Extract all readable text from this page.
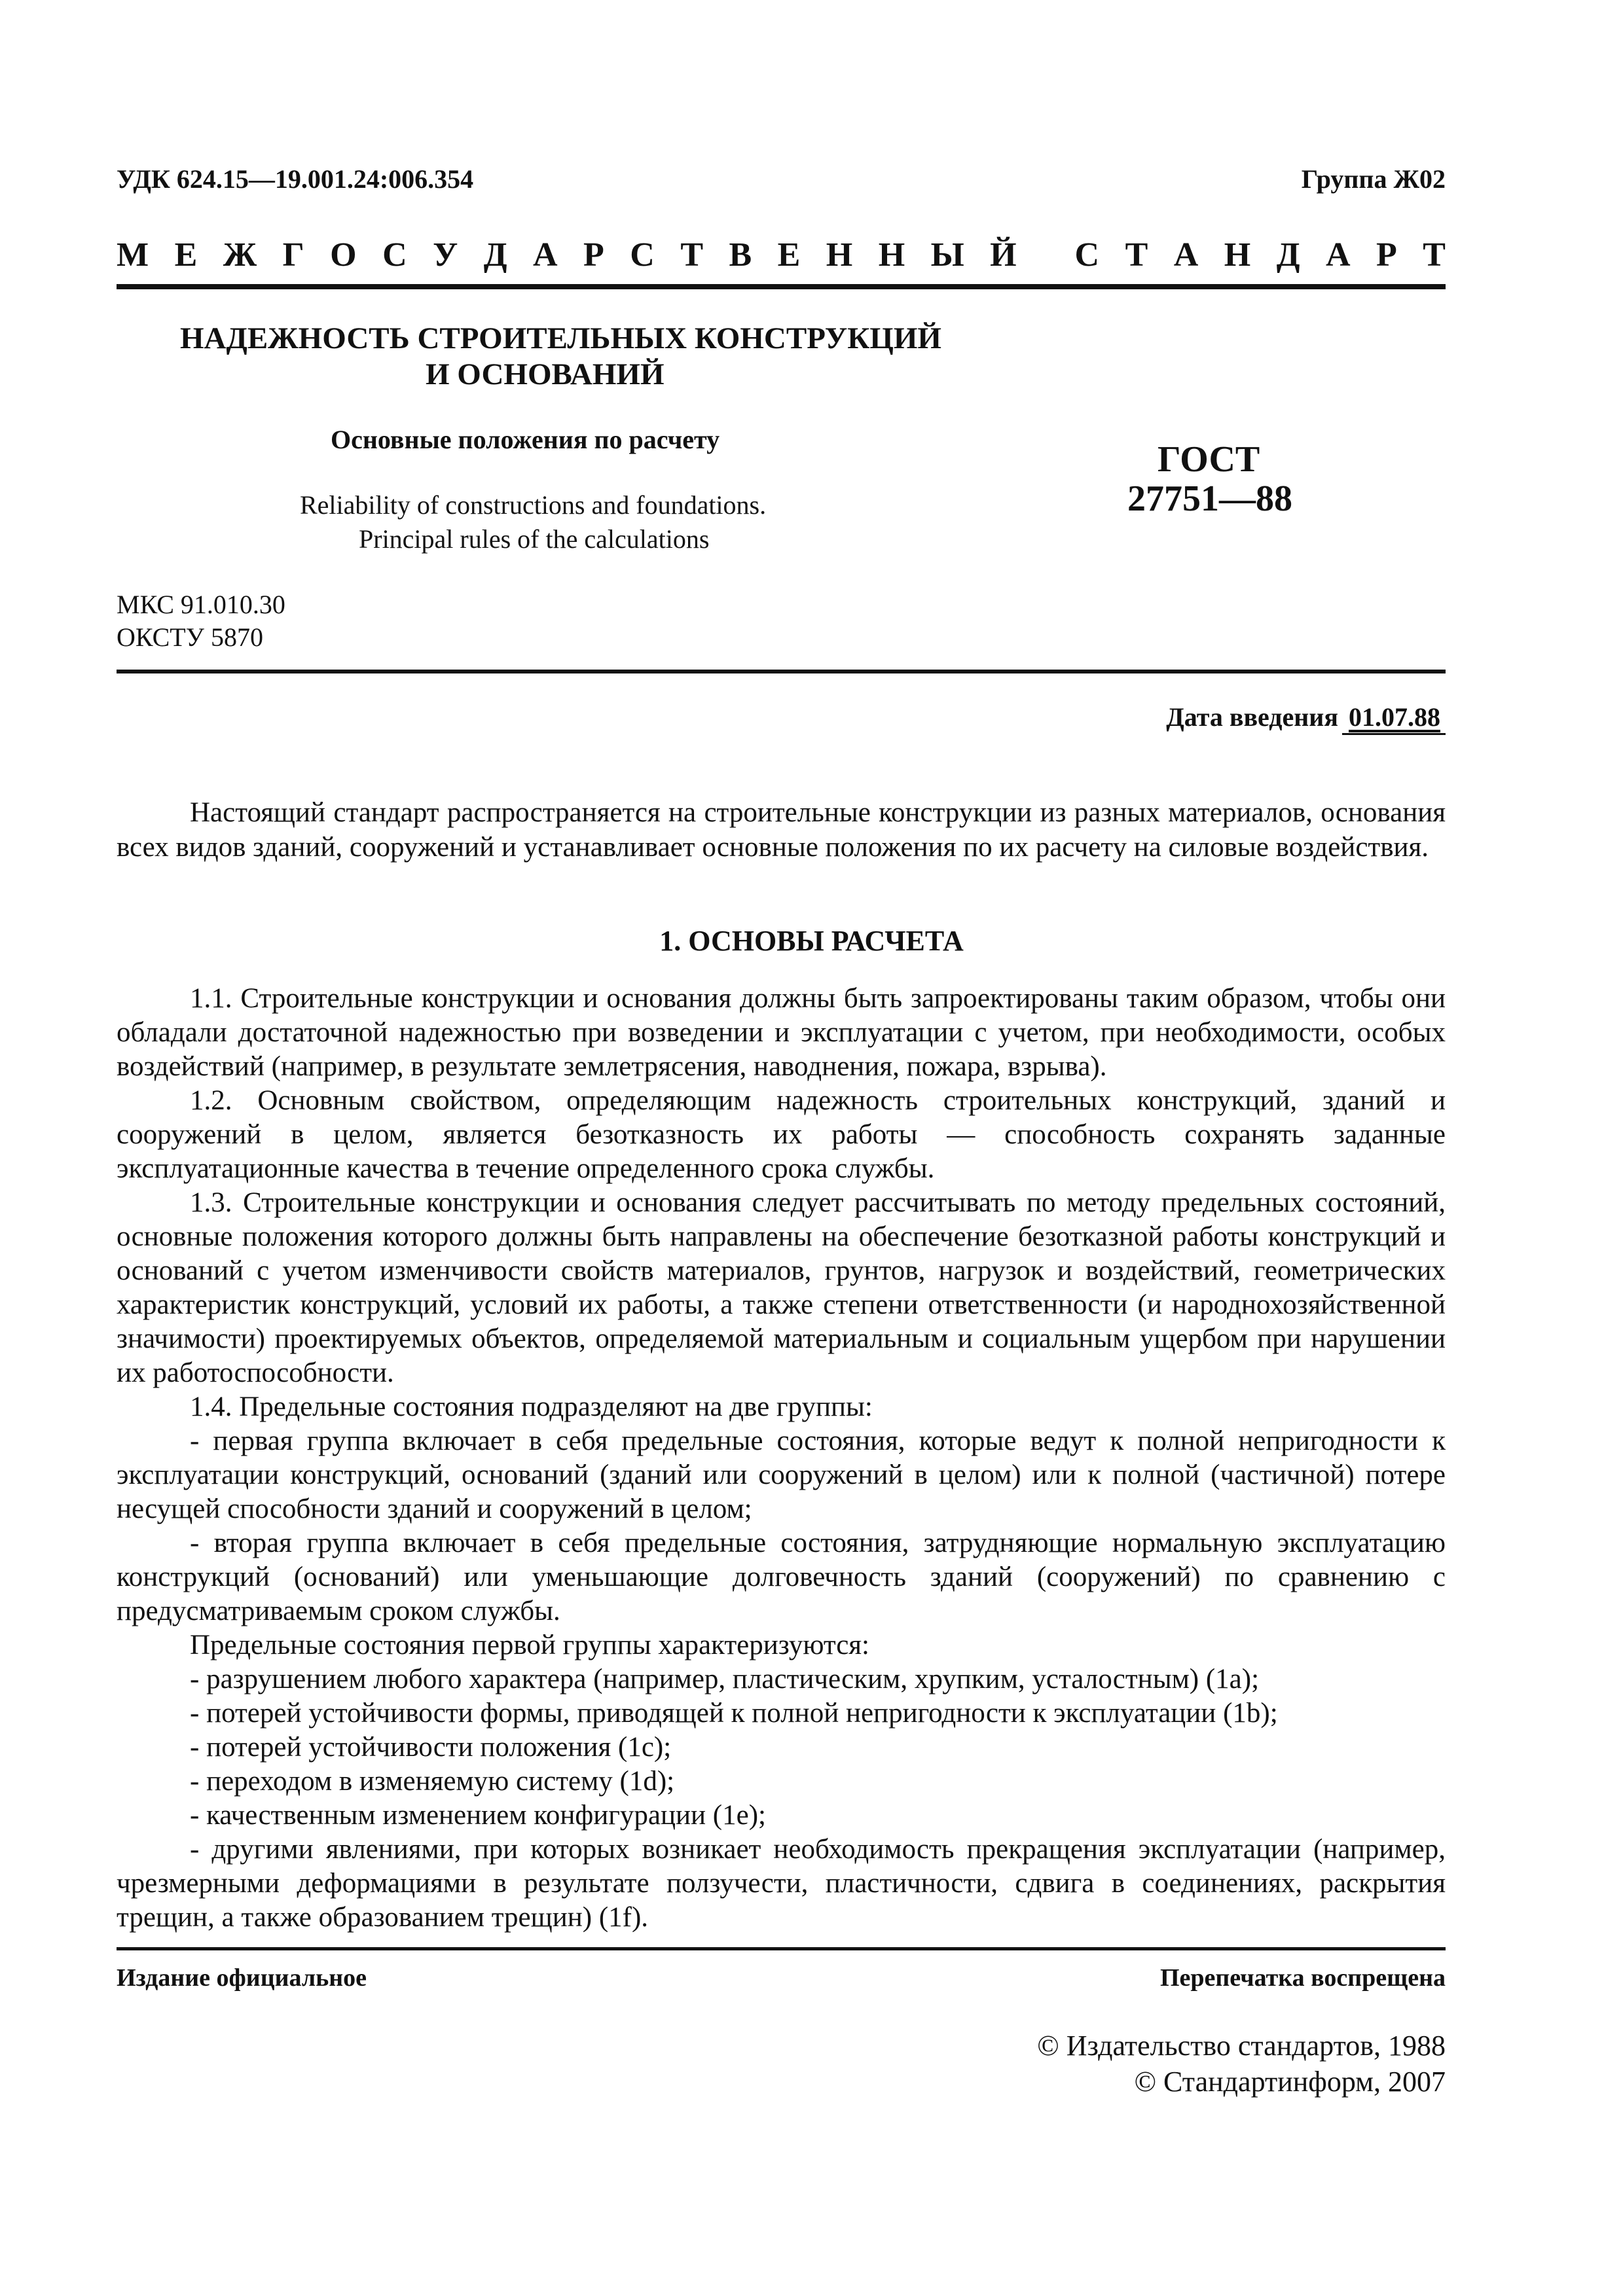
УДК 624.15—19.001.24:006.354	Группа Ж02
М Е Ж Г О С У Д А Р С Т В Е Н Н Ы Й С Т А Н Д А Р Т
НАДЕЖНОСТЬ СТРОИТЕЛЬНЫХ КОНСТРУКЦИЙ
И ОСНОВАНИЙ
Основные положения по расчету
Reliability of constructions and foundations.
Principal rules of the calculations
ГОСТ
27751—88
МКС 91.010.30
ОКСТУ 5870
Дата введения 01.07.88

Настоящий стандарт распространяется на строительные конструкции из разных материалов, основания всех видов зданий, сооружений и устанавливает основные положения по их расчету на силовые воздействия.

1. ОСНОВЫ РАСЧЕТА

1.1. Строительные конструкции и основания должны быть запроектированы таким образом, чтобы они обладали достаточной надежностью при возведении и эксплуатации с учетом, при необходимости, особых воздействий (например, в результате землетрясения, наводнения, пожара, взрыва).

1.2. Основным свойством, определяющим надежность строительных конструкций, зданий и сооружений в целом, является безотказность их работы — способность сохранять заданные эксплуатационные качества в течение определенного срока службы.

1.3. Строительные конструкции и основания следует рассчитывать по методу предельных состояний, основные положения которого должны быть направлены на обеспечение безотказной работы конструкций и оснований с учетом изменчивости свойств материалов, грунтов, нагрузок и воздействий, геометрических характеристик конструкций, условий их работы, а также степени ответственности (и народнохозяйственной значимости) проектируемых объектов, определяемой материальным и социальным ущербом при нарушении их работоспособности.

1.4. Предельные состояния подразделяют на две группы:

- первая группа включает в себя предельные состояния, которые ведут к полной непригодности к эксплуатации конструкций, оснований (зданий или сооружений в целом) или к полной (частичной) потере несущей способности зданий и сооружений в целом;

- вторая группа включает в себя предельные состояния, затрудняющие нормальную эксплуатацию конструкций (оснований) или уменьшающие долговечность зданий (сооружений) по сравнению с предусматриваемым сроком службы.

Предельные состояния первой группы характеризуются:

- разрушением любого характера (например, пластическим, хрупким, усталостным) (1a);

- потерей устойчивости формы, приводящей к полной непригодности к эксплуатации (1b);

- потерей устойчивости положения (1c);

- переходом в изменяемую систему (1d);

- качественным изменением конфигурации (1e);

- другими явлениями, при которых возникает необходимость прекращения эксплуатации (например, чрезмерными деформациями в результате ползучести, пластичности, сдвига в соединениях, раскрытия трещин, а также образованием трещин) (1f).

Издание официальное	Перепечатка воспрещена
© Издательство стандартов, 1988
© Стандартинформ, 2007
